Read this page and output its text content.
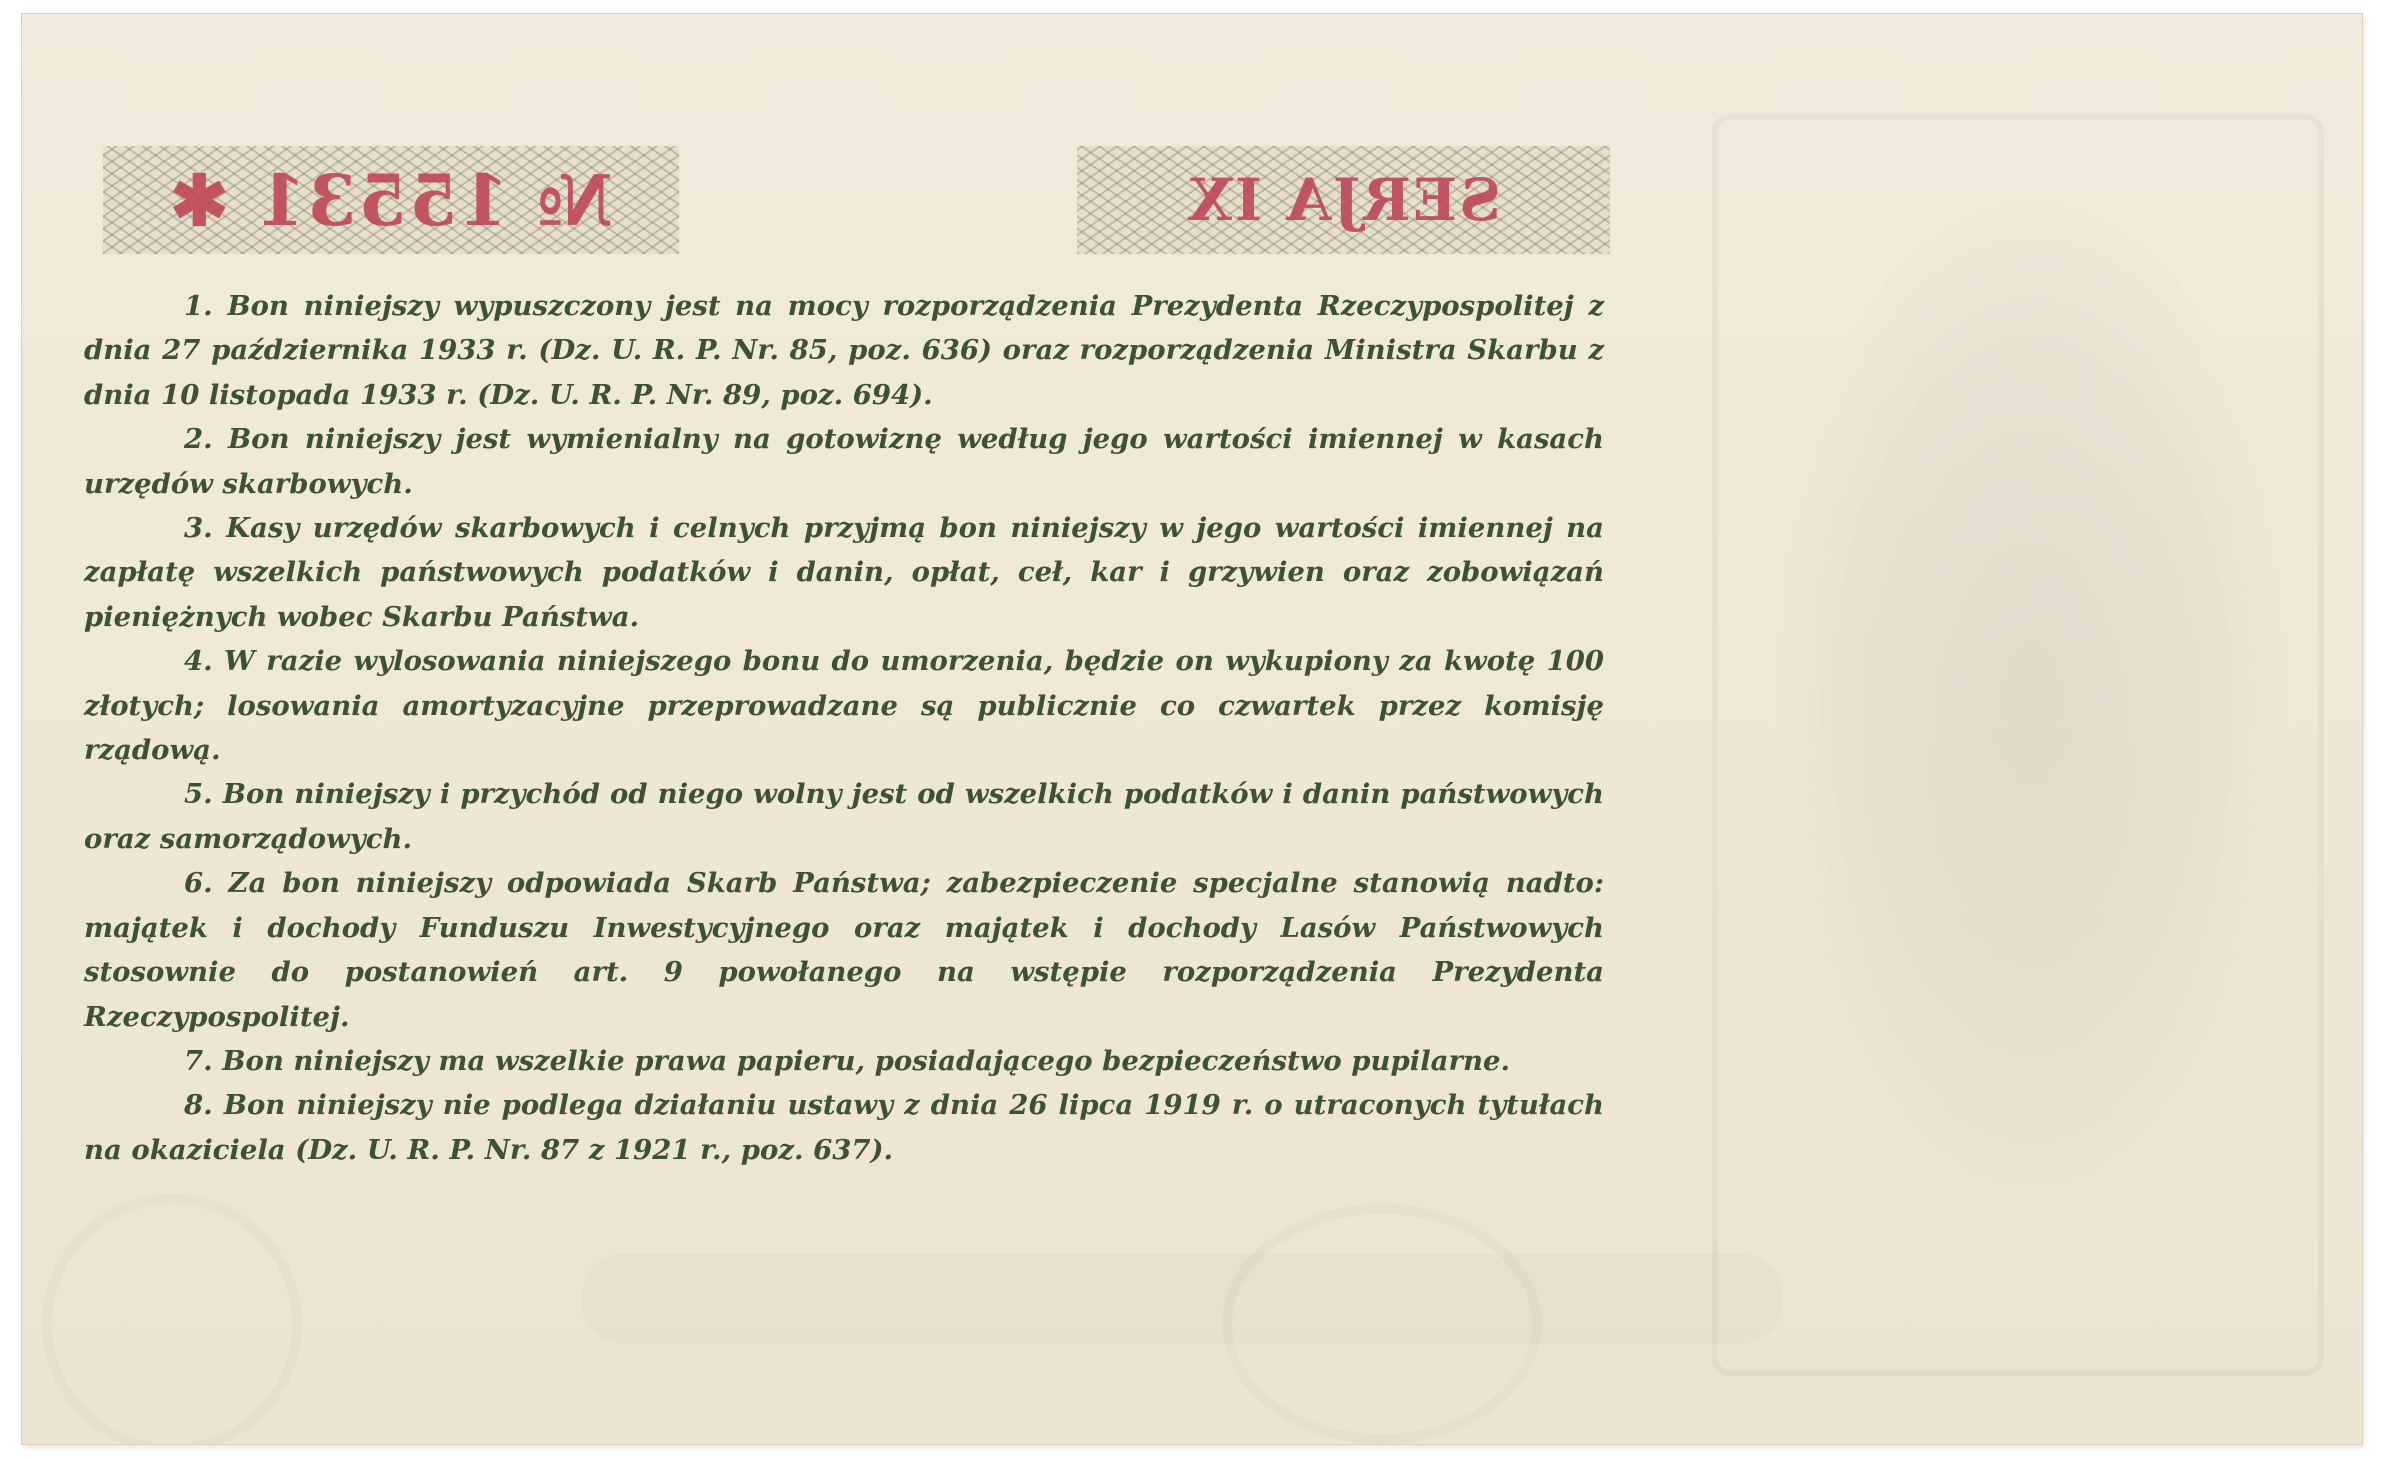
№ 15531 ✱	SERJA IX

1. Bon niniejszy wypuszczony jest na mocy rozporządzenia Prezydenta Rzeczypospolitej z dnia 27 października 1933 r. (Dz. U. R. P. Nr. 85, poz. 636) oraz rozporządzenia Ministra Skarbu z dnia 10 listopada 1933 r. (Dz. U. R. P. Nr. 89, poz. 694).

2. Bon niniejszy jest wymienialny na gotowiznę według jego wartości imiennej w kasach urzędów skarbowych.

3. Kasy urzędów skarbowych i celnych przyjmą bon niniejszy w jego wartości imiennej na zapłatę wszelkich państwowych podatków i danin, opłat, ceł, kar i grzywien oraz zobowiązań pieniężnych wobec Skarbu Państwa.

4. W razie wylosowania niniejszego bonu do umorzenia, będzie on wykupiony za kwotę 100 złotych; losowania amortyzacyjne przeprowadzane są publicznie co czwartek przez komisję rządową.

5. Bon niniejszy i przychód od niego wolny jest od wszelkich podatków i danin państwowych oraz samorządowych.

6. Za bon niniejszy odpowiada Skarb Państwa; zabezpieczenie specjalne stanowią nadto: majątek i dochody Funduszu Inwestycyjnego oraz majątek i dochody Lasów Państwowych stosownie do postanowień art. 9 powołanego na wstępie rozporządzenia Prezydenta Rzeczypospolitej.

7. Bon niniejszy ma wszelkie prawa papieru, posiadającego bezpieczeństwo pupilarne.

8. Bon niniejszy nie podlega działaniu ustawy z dnia 26 lipca 1919 r. o utraconych tytułach na okaziciela (Dz. U. R. P. Nr. 87 z 1921 r., poz. 637).
